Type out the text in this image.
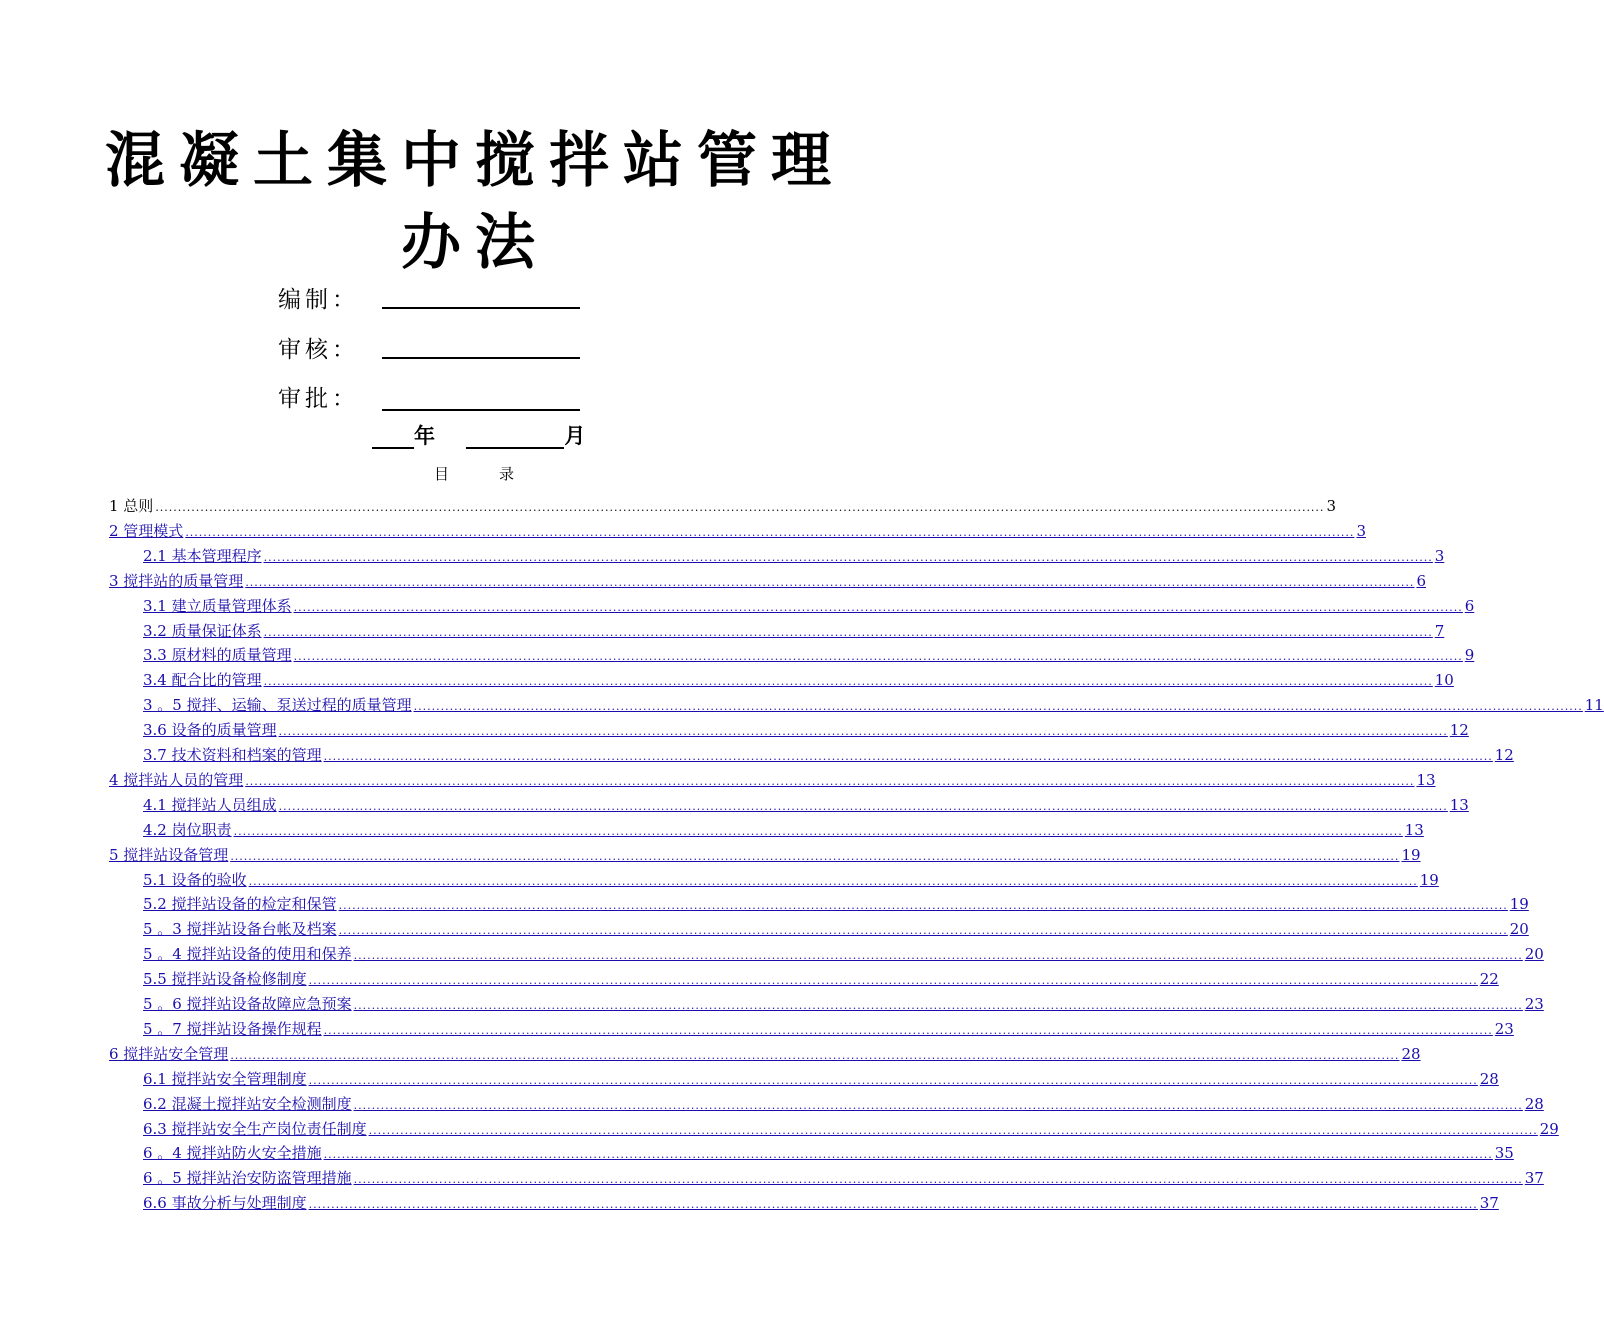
混凝土集中搅拌站管理
办法
编制：
审核：
审批：
年	月
目	录
1 总则 .................................................................................................................................................................................................................................................................... 3
2 管理模式 .................................................................................................................................................................................................................................................................... 3
2.1 基本管理程序 .................................................................................................................................................................................................................................................................... 3
3 搅拌站的质量管理 .................................................................................................................................................................................................................................................................... 6
3.1 建立质量管理体系 .................................................................................................................................................................................................................................................................... 6
3.2 质量保证体系 .................................................................................................................................................................................................................................................................... 7
3.3 原材料的质量管理 .................................................................................................................................................................................................................................................................... 9
3.4 配合比的管理 .................................................................................................................................................................................................................................................................... 10
3 。5 搅拌、运输、泵送过程的质量管理 .................................................................................................................................................................................................................................................................... 11
3.6 设备的质量管理 .................................................................................................................................................................................................................................................................... 12
3.7 技术资料和档案的管理 .................................................................................................................................................................................................................................................................... 12
4 搅拌站人员的管理 .................................................................................................................................................................................................................................................................... 13
4.1 搅拌站人员组成 .................................................................................................................................................................................................................................................................... 13
4.2 岗位职责 .................................................................................................................................................................................................................................................................... 13
5 搅拌站设备管理 .................................................................................................................................................................................................................................................................... 19
5.1 设备的验收 .................................................................................................................................................................................................................................................................... 19
5.2 搅拌站设备的检定和保管 .................................................................................................................................................................................................................................................................... 19
5 。3 搅拌站设备台帐及档案 .................................................................................................................................................................................................................................................................... 20
5 。4 搅拌站设备的使用和保养 .................................................................................................................................................................................................................................................................... 20
5.5 搅拌站设备检修制度 .................................................................................................................................................................................................................................................................... 22
5 。6 搅拌站设备故障应急预案 .................................................................................................................................................................................................................................................................... 23
5 。7 搅拌站设备操作规程 .................................................................................................................................................................................................................................................................... 23
6 搅拌站安全管理 .................................................................................................................................................................................................................................................................... 28
6.1 搅拌站安全管理制度 .................................................................................................................................................................................................................................................................... 28
6.2 混凝土搅拌站安全检测制度 .................................................................................................................................................................................................................................................................... 28
6.3 搅拌站安全生产岗位责任制度 .................................................................................................................................................................................................................................................................... 29
6 。4 搅拌站防火安全措施 .................................................................................................................................................................................................................................................................... 35
6 。5 搅拌站治安防盗管理措施 .................................................................................................................................................................................................................................................................... 37
6.6 事故分析与处理制度 .................................................................................................................................................................................................................................................................... 37
